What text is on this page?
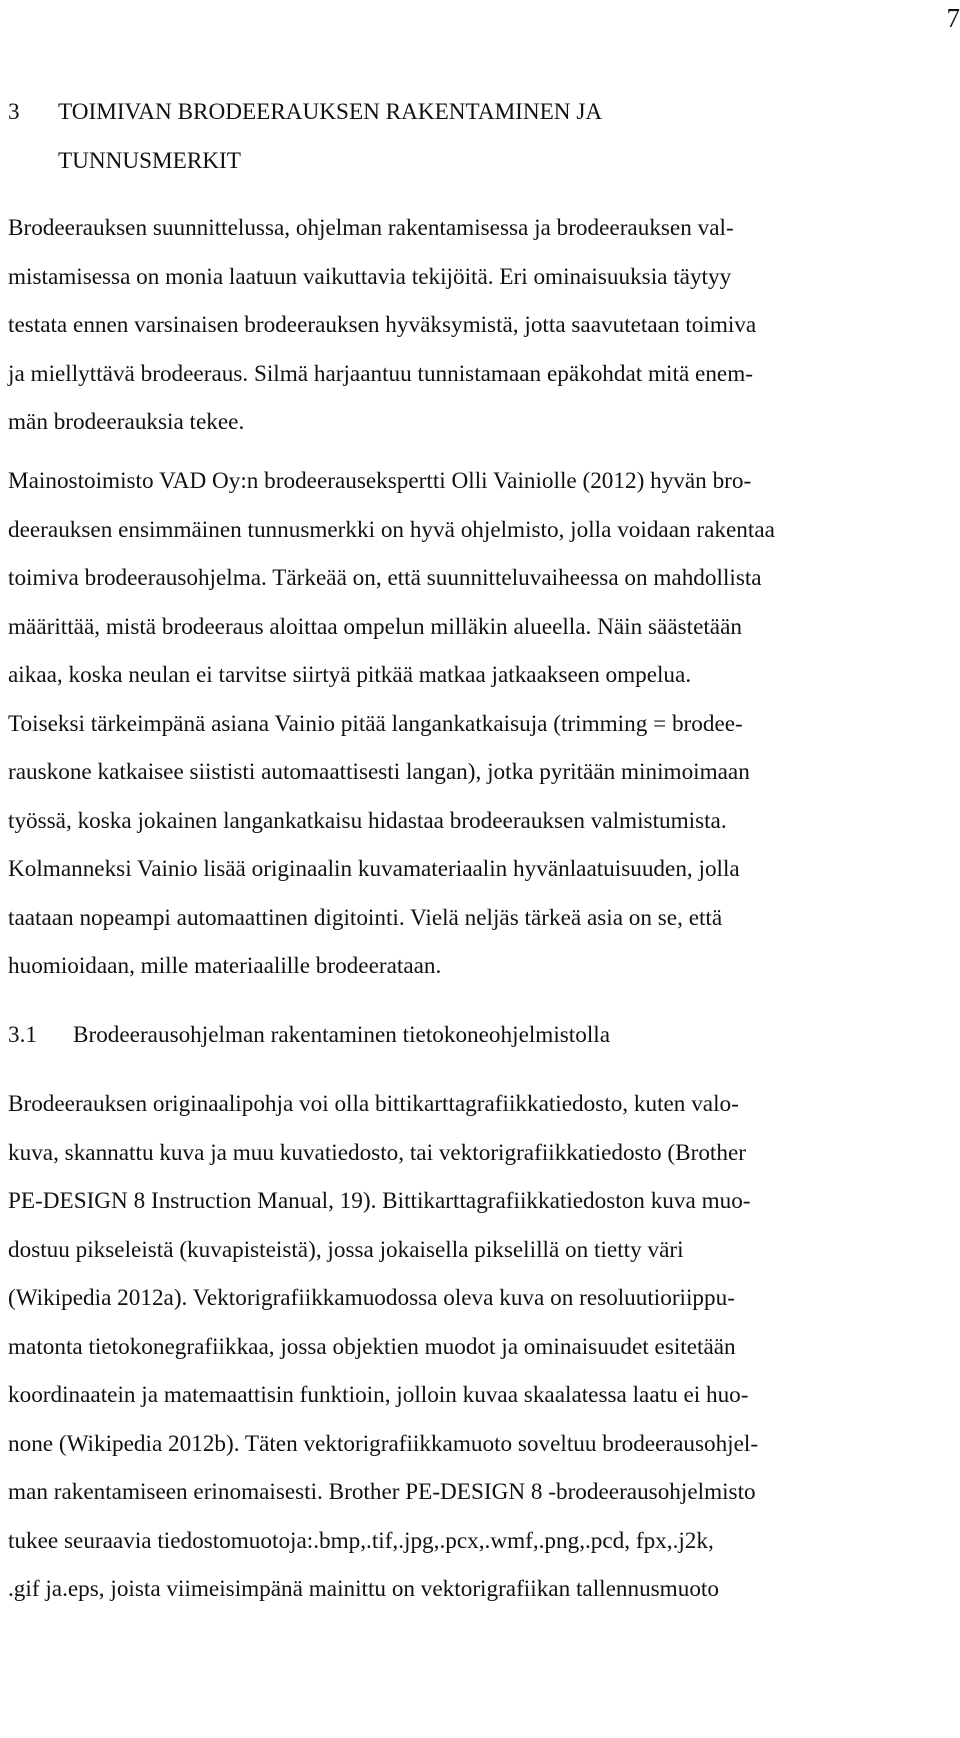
7
3 TOIMIVAN BRODEERAUKSEN RAKENTAMINEN JA
TUNNUSMERKIT
Brodeerauksen suunnittelussa, ohjelman rakentamisessa ja brodeerauksen val-
mistamisessa on monia laatuun vaikuttavia tekijöitä. Eri ominaisuuksia täytyy
testata ennen varsinaisen brodeerauksen hyväksymistä, jotta saavutetaan toimiva
ja miellyttävä brodeeraus. Silmä harjaantuu tunnistamaan epäkohdat mitä enem-
män brodeerauksia tekee.
Mainostoimisto VAD Oy:n brodeerausekspertti Olli Vainiolle (2012) hyvän bro-
deerauksen ensimmäinen tunnusmerkki on hyvä ohjelmisto, jolla voidaan rakentaa
toimiva brodeerausohjelma. Tärkeää on, että suunnitteluvaiheessa on mahdollista
määrittää, mistä brodeeraus aloittaa ompelun milläkin alueella. Näin säästetään
aikaa, koska neulan ei tarvitse siirtyä pitkää matkaa jatkaakseen ompelua.
Toiseksi tärkeimpänä asiana Vainio pitää langankatkaisuja (trimming = brodee-
rauskone katkaisee siististi automaattisesti langan), jotka pyritään minimoimaan
työssä, koska jokainen langankatkaisu hidastaa brodeerauksen valmistumista.
Kolmanneksi Vainio lisää originaalin kuvamateriaalin hyvänlaatuisuuden, jolla
taataan nopeampi automaattinen digitointi. Vielä neljäs tärkeä asia on se, että
huomioidaan, mille materiaalille brodeerataan.
3.1 Brodeerausohjelman rakentaminen tietokoneohjelmistolla
Brodeerauksen originaalipohja voi olla bittikarttagrafiikkatiedosto, kuten valo-
kuva, skannattu kuva ja muu kuvatiedosto, tai vektorigrafiikkatiedosto (Brother
PE-DESIGN 8 Instruction Manual, 19). Bittikarttagrafiikkatiedoston kuva muo-
dostuu pikseleistä (kuvapisteistä), jossa jokaisella pikselillä on tietty väri
(Wikipedia 2012a). Vektorigrafiikkamuodossa oleva kuva on resoluutioriippu-
matonta tietokonegrafiikkaa, jossa objektien muodot ja ominaisuudet esitetään
koordinaatein ja matemaattisin funktioin, jolloin kuvaa skaalatessa laatu ei huo-
none (Wikipedia 2012b). Täten vektorigrafiikkamuoto soveltuu brodeerausohjel-
man rakentamiseen erinomaisesti. Brother PE-DESIGN 8 -brodeerausohjelmisto
tukee seuraavia tiedostomuotoja:.bmp,.tif,.jpg,.pcx,.wmf,.png,.pcd, fpx,.j2k,
.gif ja.eps, joista viimeisimpänä mainittu on vektorigrafiikan tallennusmuoto
